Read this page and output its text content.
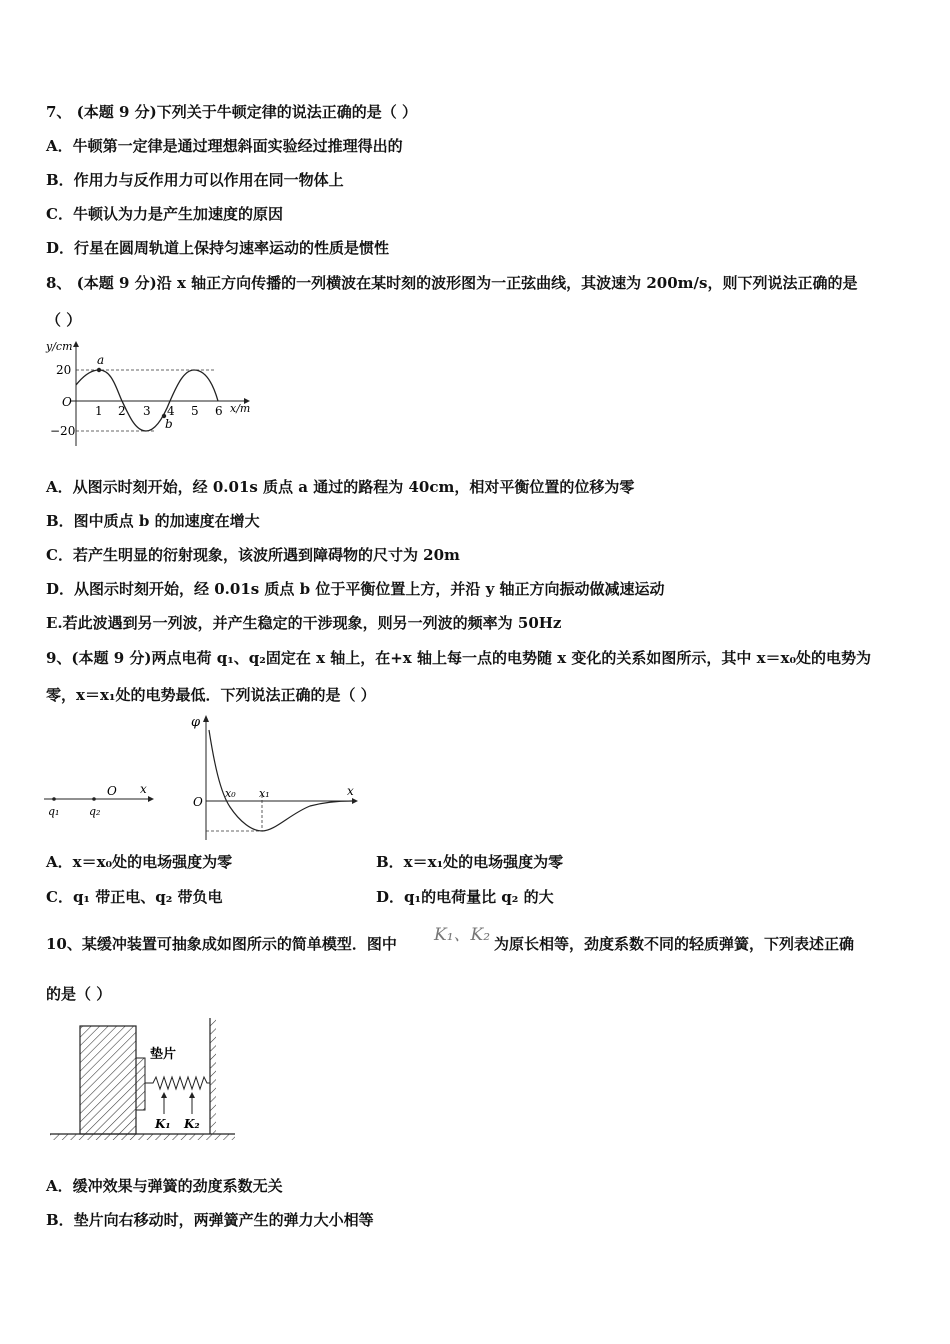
7、 (本题 9 分)下列关于牛顿定律的说法正确的是（ ）
A．牛顿第一定律是通过理想斜面实验经过推理得出的
B．作用力与反作用力可以作用在同一物体上
C．牛顿认为力是产生加速度的原因
D．行星在圆周轨道上保持匀速率运动的性质是惯性
8、 (本题 9 分)沿 x 轴正方向传播的一列横波在某时刻的波形图为一正弦曲线，其波速为 200m/s，则下列说法正确的是
（ ）
y/cm
x/m
O
20
−20
1 2 3 4 5 6
a
b
A．从图示时刻开始，经 0.01s 质点 a 通过的路程为 40cm，相对平衡位置的位移为零
B．图中质点 b 的加速度在增大
C．若产生明显的衍射现象，该波所遇到障碍物的尺寸为 20m
D．从图示时刻开始，经 0.01s 质点 b 位于平衡位置上方，并沿 y 轴正方向振动做减速运动
E.若此波遇到另一列波，并产生稳定的干涉现象，则另一列波的频率为 50Hz
9、(本题 9 分)两点电荷 q₁、q₂固定在 x 轴上，在+x 轴上每一点的电势随 x 变化的关系如图所示，其中 x＝x₀处的电势为
零，x＝x₁处的电势最低．下列说法正确的是（ ）
q₁	q₂
O x
φ
O
x₀ x₁	x
A．x＝x₀处的电场强度为零	B．x＝x₁处的电场强度为零
C．q₁ 带正电、q₂ 带负电	D．q₁的电荷量比 q₂ 的大
10、某缓冲装置可抽象成如图所示的简单模型．图中 K₁、K₂ 为原长相等，劲度系数不同的轻质弹簧，下列表述正确
的是（ ）
垫片
K₁ K₂
A．缓冲效果与弹簧的劲度系数无关
B．垫片向右移动时，两弹簧产生的弹力大小相等
